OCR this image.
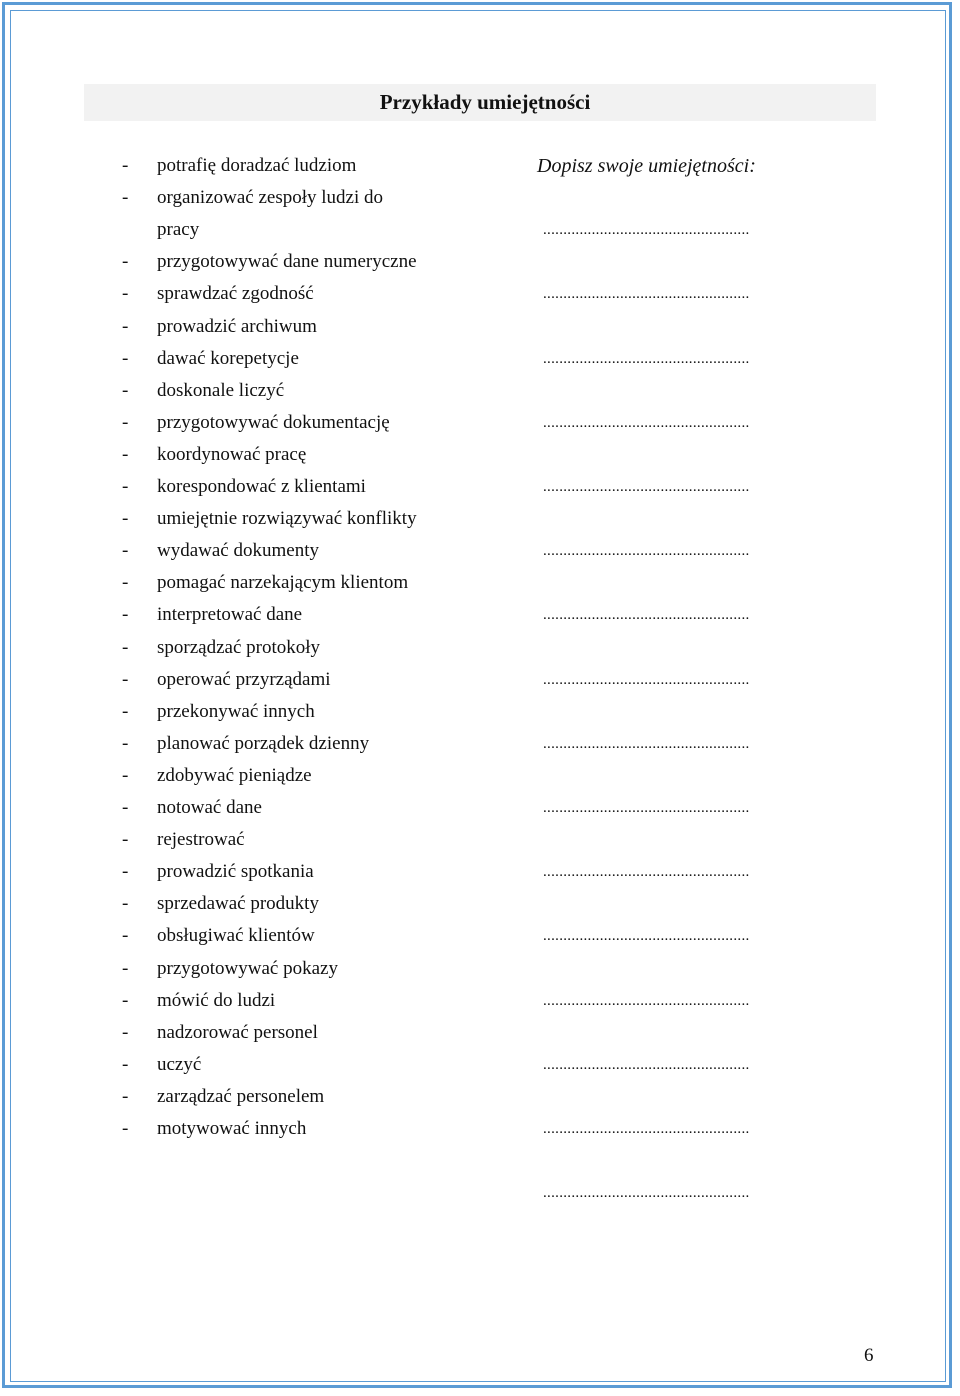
Przykłady umiejętności
Dopisz swoje umiejętności:
- potrafię doradzać ludziom
- organizować zespoły ludzi do
pracy
- przygotowywać dane numeryczne
- sprawdzać zgodność
- prowadzić archiwum
- dawać korepetycje
- doskonale liczyć
- przygotowywać dokumentację
- koordynować pracę
- korespondować z klientami
- umiejętnie rozwiązywać konflikty
- wydawać dokumenty
- pomagać narzekającym klientom
- interpretować dane
- sporządzać protokoły
- operować przyrządami
- przekonywać innych
- planować porządek dzienny
- zdobywać pieniądze
- notować dane
- rejestrować
- prowadzić spotkania
- sprzedawać produkty
- obsługiwać klientów
- przygotowywać pokazy
- mówić do ludzi
- nadzorować personel
- uczyć
- zarządzać personelem
- motywować innych
...................................................
...................................................
...................................................
...................................................
...................................................
...................................................
...................................................
...................................................
...................................................
...................................................
...................................................
...................................................
...................................................
...................................................
...................................................
...................................................
6
